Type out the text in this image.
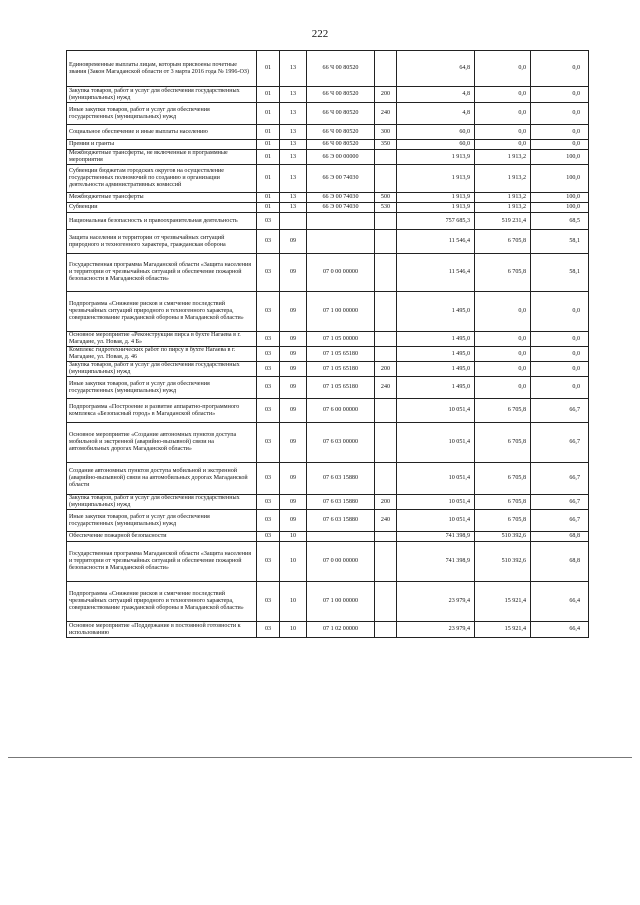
222
Единовременные выплаты лицам, которым присвоены почетные звания (Закон Магаданской области от 3 марта 2016 года № 1996-ОЗ)	01	13	66 Ч 00 80520		64,8	0,0	0,0
Закупка товаров, работ и услуг для обеспечения государственных (муниципальных) нужд	01	13	66 Ч 00 80520	200	4,8	0,0	0,0
Иные закупки товаров, работ и услуг для обеспечения государственных (муниципальных) нужд	01	13	66 Ч 00 80520	240	4,8	0,0	0,0
Социальное обеспечение и иные выплаты населению	01	13	66 Ч 00 80520	300	60,0	0,0	0,0
Премии и гранты	01	13	66 Ч 00 80520	350	60,0	0,0	0,0
Межбюджетные трансферты, не включенные в программные мероприятия	01	13	66 Э 00 00000		1 913,9	1 913,2	100,0
Субвенции бюджетам городских округов на осуществление государственных полномочий по созданию и организации деятельности административных комиссий	01	13	66 Э 00 74030		1 913,9	1 913,2	100,0
Межбюджетные трансферты	01	13	66 Э 00 74030	500	1 913,9	1 913,2	100,0
Субвенции	01	13	66 Э 00 74030	530	1 913,9	1 913,2	100,0
Национальная безопасность и правоохранительная деятельность	03				757 685,3	519 231,4	68,5
Защита населения и территории от чрезвычайных ситуаций природного и техногенного характера, гражданская оборона	03	09			11 546,4	6 705,8	58,1
Государственная программа Магаданской области «Защита населения и территории от чрезвычайных ситуаций и обеспечение пожарной безопасности в Магаданской области»	03	09	07 0 00 00000		11 546,4	6 705,8	58,1
Подпрограмма «Снижение рисков и смягчение последствий чрезвычайных ситуаций природного и техногенного характера, совершенствование гражданской обороны в Магаданской области»	03	09	07 1 00 00000		1 495,0	0,0	0,0
Основное мероприятие «Реконструкция пирса в бухте Нагаева в г. Магадане, ул. Новая, д. 4 Б»	03	09	07 1 05 00000		1 495,0	0,0	0,0
Комплекс гидротехнических работ по пирсу в бухте Нагаева в г. Магадане, ул. Новая, д. 46	03	09	07 1 05 65180		1 495,0	0,0	0,0
Закупка товаров, работ и услуг для обеспечения государственных (муниципальных) нужд	03	09	07 1 05 65180	200	1 495,0	0,0	0,0
Иные закупки товаров, работ и услуг для обеспечения государственных (муниципальных) нужд	03	09	07 1 05 65180	240	1 495,0	0,0	0,0
Подпрограмма «Построение и развитие аппаратно-программного комплекса «Безопасный город» в Магаданской области»	03	09	07 6 00 00000		10 051,4	6 705,8	66,7
Основное мероприятие «Создание автономных пунктов доступа мобильной и экстренной (аварийно-вызывной) связи на автомобильных дорогах Магаданской области»	03	09	07 6 03 00000		10 051,4	6 705,8	66,7
Создание автономных пунктов доступа мобильной и экстренной (аварийно-вызывной) связи на автомобильных дорогах Магаданской области	03	09	07 6 03 15880		10 051,4	6 705,8	66,7
Закупка товаров, работ и услуг для обеспечения государственных (муниципальных) нужд	03	09	07 6 03 15880	200	10 051,4	6 705,8	66,7
Иные закупки товаров, работ и услуг для обеспечения государственных (муниципальных) нужд	03	09	07 6 03 15880	240	10 051,4	6 705,8	66,7
Обеспечение пожарной безопасности	03	10			741 398,9	510 392,6	68,8
Государственная программа Магаданской области «Защита населения и территории от чрезвычайных ситуаций и обеспечение пожарной безопасности в Магаданской области»	03	10	07 0 00 00000		741 398,9	510 392,6	68,8
Подпрограмма «Снижение рисков и смягчение последствий чрезвычайных ситуаций природного и техногенного характера, совершенствование гражданской обороны в Магаданской области»	03	10	07 1 00 00000		23 979,4	15 921,4	66,4
Основное мероприятие «Поддержание в постоянной готовности к использованию	03	10	07 1 02 00000		23 979,4	15 921,4	66,4
